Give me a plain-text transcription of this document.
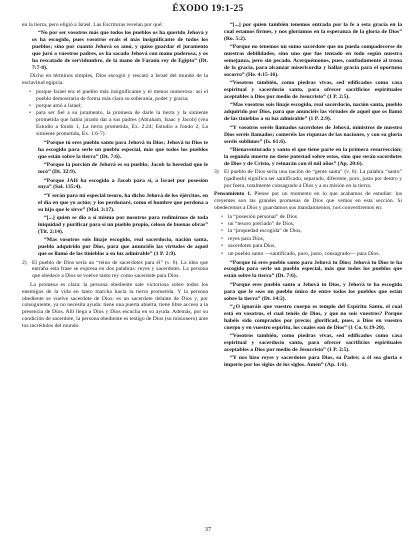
ÉXODO 19:1-25

en la tierra, pero eligió a Israel. Las Escrituras revelan por qué:

“No por ser vosotros más que todos los pueblos os ha querido Jehová y os ha escogido, pues vosotros erais el más insignificante de todos los pueblos; sino por cuanto Jehová os amó, y quiso guardar el juramento que juró a vuestros padres, os ha sacado Jehová con mano poderosa, y os ha rescatado de servidumbre, de la mano de Faraón rey de Egipto” (Dt. 7:7-8).

Dicho en términos simples, Dios escogió y rescató a Israel del mundo de la esclavitud egipcia:

• porque Israel era el pueblo más insignificante y el menos numeroso: así el pueblo demostraría de forma más clara su soberanía, poder y gracia;
• porque amó a Israel;
• para ser fiel a su juramento, la promesa de darle la tierra y la simiente prometida que había jurado dar a sus padres (Abraham, Isaac y Jacob) (vea Estudio a fondo 1, La tierra prometida, Ex. 2:24; Estudio a fondo 2, La simiente prometida, Ex. 1:6-7).

“Porque tú eres pueblo santo para Jehová tu Dios; Jehová tu Dios te ha escogido para serle un pueblo especial, más que todos los pueblos que están sobre la tierra” (Dt. 7:6).

“Porque la porción de Jehová es su pueblo; Jacob la heredad que le tocó” (Dt. 32:9).

“Porque JAH ha escogido a Jacob para sí, a Israel por posesión suya” (Sal. 135:4).

“Y serán para mí especial tesoro, ha dicho Jehová de los ejércitos, en el día en que yo actúe; y los perdonaré, como el hombre que perdona a su hijo que le sirve” (Mal. 3:17).

“[...] quien se dio a sí mismo por nosotros para redimirnos de toda iniquidad y purificar para sí un pueblo propio, celoso de buenas obras” (Tit. 2:14).

“Mas vosotros sois linaje escogido, real sacerdocio, nación santa, pueblo adquirido por Dios, para que anunciéis las virtudes de aquel que os llamó de las tinieblas a su luz admirable” (1 P. 2:9).

2) El pueblo de Dios sería un “reino de sacerdotes para él” (v. 6). La idea que entraña esta frase se expresa en dos palabras: reyes y sacerdotes. La persona que obedece a Dios se vuelve tanto rey como sacerdote para Dios.

La promesa es clara: la persona obediente sale victoriosa sobre todos los enemigos de la vida en tanto marcha hacia la tierra prometida. Y la persona obediente se vuelve sacerdote de Dios: es un sacerdote delante de Dios y, por consiguiente, ya no necesita ayuda: tiene una puerta abierta, tiene libre acceso a la presencia de Dios. Allí llega a Dios y Dios escucha en su ayuda. Además, por su condición de sacerdote, la persona obediente es testigo de Dios (su misionero) ante los incrédulos del mundo.

“[...] por quien también tenemos entrada por la fe a esta gracia en la cual estamos firmes, y nos gloriamos en la esperanza de la gloria de Dios” (Ro. 5:2).

“Porque no tenemos un sumo sacerdote que no pueda compadecerse de nuestras debilidades, sino uno que fue tentado en todo según nuestra semejanza, pero sin pecado. Acerquémonos, pues, confiadamente al trono de la gracia, para alcanzar misericordia y hallar gracia para el oportuno socorro” (He. 4:15-16).

“Vosotros también, como piedras vivas, sed edificados como casa espiritual y sacerdocio santo, para ofrecer sacrificios espirituales aceptables a Dios por medio de Jesucristo” (1 P. 2:5).

“Mas vosotros sois linaje escogido, real sacerdocio, nación santa, pueblo adquirido por Dios, para que anunciéis las virtudes de aquel que os llamó de las tinieblas a su luz admirable” (1 P. 2:9).

“Y vosotros seréis llamados sacerdotes de Jehová, ministros de nuestro Dios seréis llamados; comeréis las riquezas de las naciones, y con su gloria seréis sublimes” (Is. 61:6).

“Bienaventurado y santo el que tiene parte en la primera resurrección; la segunda muerte no tiene potestad sobre estos, sino que serán sacerdotes de Dios y de Cristo, y reinarán con él mil años” (Ap. 20:6).

3) El pueblo de Dios sería una nación de “gente santa” (v. 6). La palabra “santo” (qadhosh) significa ser santificado, separado, diferente, puro, justo por dentro y por fuera, totalmente consagrado a Dios y a su misión en la tierra.

Pensamiento 1. Piense por un momento en lo que acabamos de estudiar: los creyentes son las grandes promesas de Dios que vemos en esta sección. Si obedecemos a Dios y guardamos sus mandamientos, nos convertiremos en:

• la “posesión personal” de Dios
• un “tesoro preciado” de Dios,
• la “propiedad escogida” de Dios,
• reyes para Dios,
• sacerdotes para Dios,
• un pueblo santo —santificado, puro, justo, consagrado— para Dios.

“Porque tú eres pueblo santo para Jehová tu Dios; Jehová tu Dios te ha escogido para serle un pueblo especial, más que todos los pueblos que están sobre la tierra” (Dt. 7:6).

“Porque eres pueblo santo a Jehová tu Dios, y Jehová te ha escogido para que le seas un pueblo único de entre todos los pueblos que están sobre la tierra” (Dt. 14:2).

“¿O ignoráis que vuestro cuerpo es templo del Espíritu Santo, el cual está en vosotros, el cual tenéis de Dios, y que no sois vuestros? Porque habéis sido comprados por precio; glorificad, pues, a Dios en vuestro cuerpo y en vuestro espíritu, los cuales son de Dios” (1 Co. 6:19-20).

“Vosotros también, como piedras vivas, sed edificados como casa espiritual y sacerdocio santo, para ofrecer sacrificios espirituales aceptables a Dios por medio de Jesucristo” (1 P. 2:5).

“Y nos hizo reyes y sacerdotes para Dios, su Padre; a él sea gloria e imperio por los siglos de los siglos. Amén” (Ap. 1:6).

37
